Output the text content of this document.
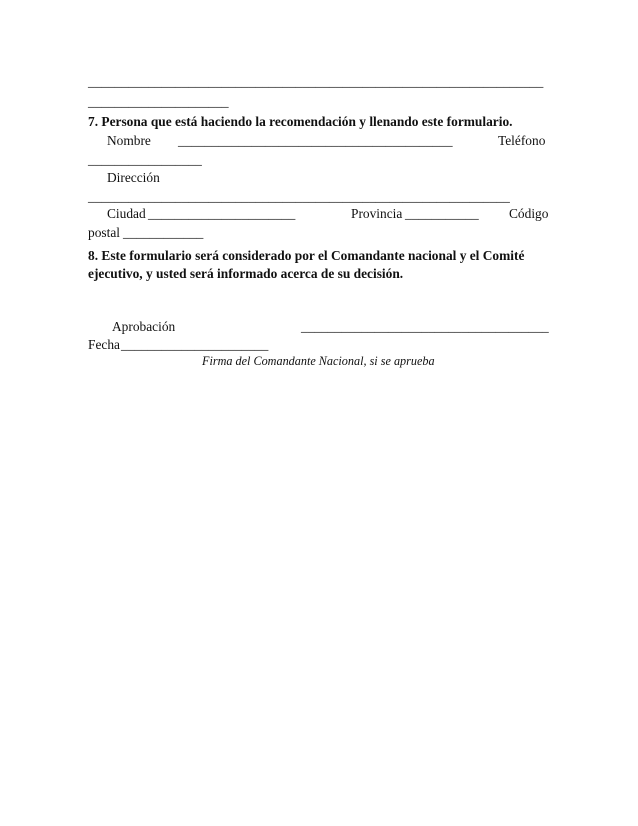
____________________________________________________________________
_____________________
7. Persona que está haciendo la recomendación y llenando este formulario.
Nombre _________________________________________	Teléfono
_________________
Dirección
_______________________________________________________________
Ciudad ______________________	Provincia ___________ Código
postal ____________
8. Este formulario será considerado por el Comandante nacional y el Comité
ejecutivo, y usted será informado acerca de su decisión.
Aprobación	_____________________________________
Fecha ______________________
Firma del Comandante Nacional, si se aprueba
